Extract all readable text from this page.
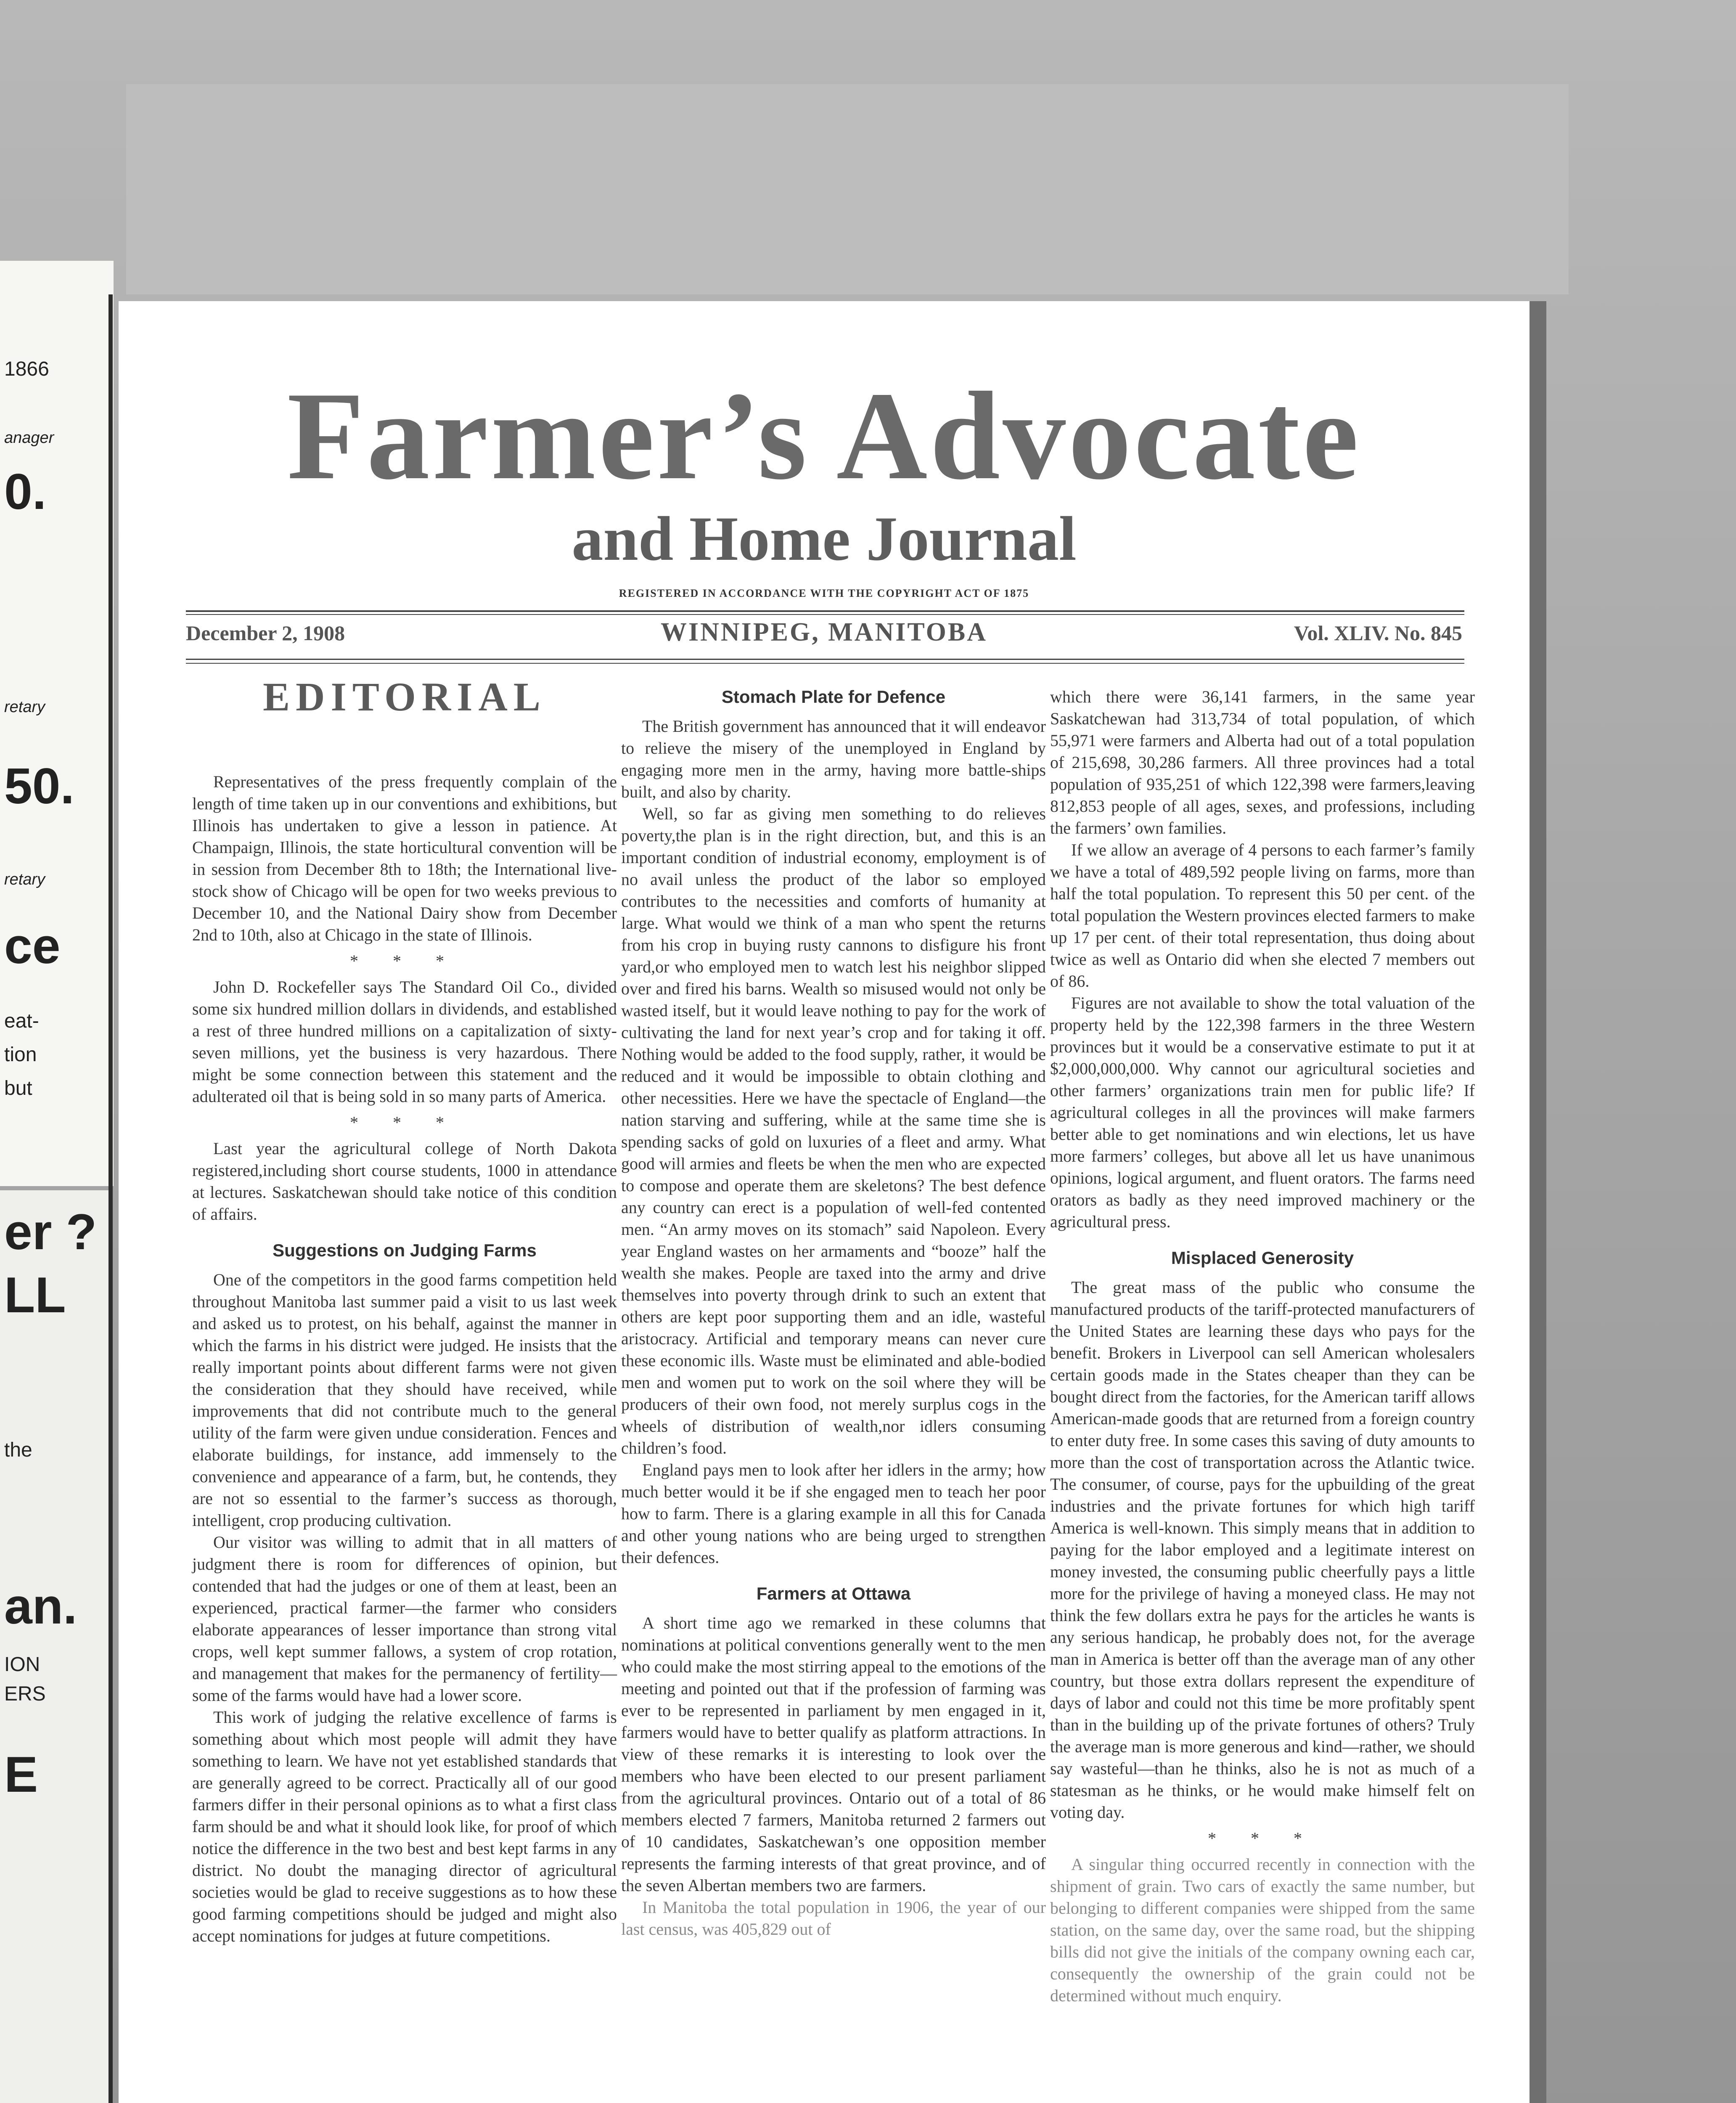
1866
anager
0.
retary
50.
retary
ce
eat-
tion
but
er ?
LL
the
an.
ION
ERS
E
Farmer’s Advocate
and Home Journal
REGISTERED IN ACCORDANCE WITH THE COPYRIGHT ACT OF 1875
December 2, 1908	WINNIPEG, MANITOBA	Vol. XLIV. No. 845
EDITORIAL

Representatives of the press frequently complain of the length of time taken up in our conventions and exhibitions, but Illinois has undertaken to give a lesson in patience. At Champaign, Illinois, the state horticultural convention will be in session from December 8th to 18th; the International live-stock show of Chicago will be open for two weeks previous to December 10, and the National Dairy show from December 2nd to 10th, also at Chicago in the state of Illinois.

* * *

John D. Rockefeller says The Standard Oil Co., divided some six hundred million dollars in dividends, and established a rest of three hundred millions on a capitalization of sixty-seven millions, yet the business is very hazardous. There might be some connection between this statement and the adulterated oil that is being sold in so many parts of America.

* * *

Last year the agricultural college of North Dakota registered,including short course students, 1000 in attendance at lectures. Saskatchewan should take notice of this condition of affairs.

Suggestions on Judging Farms

One of the competitors in the good farms competition held throughout Manitoba last summer paid a visit to us last week and asked us to protest, on his behalf, against the manner in which the farms in his district were judged. He insists that the really important points about different farms were not given the consideration that they should have received, while improvements that did not contribute much to the general utility of the farm were given undue consideration. Fences and elaborate buildings, for instance, add immensely to the convenience and appearance of a farm, but, he contends, they are not so essential to the farmer’s success as thorough, intelligent, crop producing cultivation.

Our visitor was willing to admit that in all matters of judgment there is room for differences of opinion, but contended that had the judges or one of them at least, been an experienced, practical farmer—the farmer who considers elaborate appearances of lesser importance than strong vital crops, well kept summer fallows, a system of crop rotation, and management that makes for the permanency of fertility—some of the farms would have had a lower score.

This work of judging the relative excellence of farms is something about which most people will admit they have something to learn. We have not yet established standards that are generally agreed to be correct. Practically all of our good farmers differ in their personal opinions as to what a first class farm should be and what it should look like, for proof of which notice the difference in the two best and best kept farms in any district. No doubt the managing director of agricultural societies would be glad to receive suggestions as to how these good farming competitions should be judged and might also accept nominations for judges at future competitions.

Stomach Plate for Defence

The British government has announced that it will endeavor to relieve the misery of the unemployed in England by engaging more men in the army, having more battle-ships built, and also by charity.

Well, so far as giving men something to do relieves poverty,the plan is in the right direction, but, and this is an important condition of industrial economy, employment is of no avail unless the product of the labor so employed contributes to the necessities and comforts of humanity at large. What would we think of a man who spent the returns from his crop in buying rusty cannons to disfigure his front yard,or who employed men to watch lest his neighbor slipped over and fired his barns. Wealth so misused would not only be wasted itself, but it would leave nothing to pay for the work of cultivating the land for next year’s crop and for taking it off. Nothing would be added to the food supply, rather, it would be reduced and it would be impossible to obtain clothing and other necessities. Here we have the spectacle of England—the nation starving and suffering, while at the same time she is spending sacks of gold on luxuries of a fleet and army. What good will armies and fleets be when the men who are expected to compose and operate them are skeletons? The best defence any country can erect is a population of well-fed contented men. “An army moves on its stomach” said Napoleon. Every year England wastes on her armaments and “booze” half the wealth she makes. People are taxed into the army and drive themselves into poverty through drink to such an extent that others are kept poor supporting them and an idle, wasteful aristocracy. Artificial and temporary means can never cure these economic ills. Waste must be eliminated and able-bodied men and women put to work on the soil where they will be producers of their own food, not merely surplus cogs in the wheels of distribution of wealth,nor idlers consuming children’s food.

England pays men to look after her idlers in the army; how much better would it be if she engaged men to teach her poor how to farm. There is a glaring example in all this for Canada and other young nations who are being urged to strengthen their defences.

Farmers at Ottawa

A short time ago we remarked in these columns that nominations at political conventions generally went to the men who could make the most stirring appeal to the emotions of the meeting and pointed out that if the profession of farming was ever to be represented in parliament by men engaged in it, farmers would have to better qualify as platform attractions. In view of these remarks it is interesting to look over the members who have been elected to our present parliament from the agricultural provinces. Ontario out of a total of 86 members elected 7 farmers, Manitoba returned 2 farmers out of 10 candidates, Saskatchewan’s one opposition member represents the farming interests of that great province, and of the seven Albertan members two are farmers.

In Manitoba the total population in 1906, the year of our last census, was 405,829 out of

which there were 36,141 farmers, in the same year Saskatchewan had 313,734 of total population, of which 55,971 were farmers and Alberta had out of a total population of 215,698, 30,286 farmers. All three provinces had a total population of 935,251 of which 122,398 were farmers,leaving 812,853 people of all ages, sexes, and professions, including the farmers’ own families.

If we allow an average of 4 persons to each farmer’s family we have a total of 489,592 people living on farms, more than half the total population. To represent this 50 per cent. of the total population the Western provinces elected farmers to make up 17 per cent. of their total representation, thus doing about twice as well as Ontario did when she elected 7 members out of 86.

Figures are not available to show the total valuation of the property held by the 122,398 farmers in the three Western provinces but it would be a conservative estimate to put it at $2,000,000,000. Why cannot our agricultural societies and other farmers’ organizations train men for public life? If agricultural colleges in all the provinces will make farmers better able to get nominations and win elections, let us have more farmers’ colleges, but above all let us have unanimous opinions, logical argument, and fluent orators. The farms need orators as badly as they need improved machinery or the agricultural press.

Misplaced Generosity

The great mass of the public who consume the manufactured products of the tariff-protected manufacturers of the United States are learning these days who pays for the benefit. Brokers in Liverpool can sell American wholesalers certain goods made in the States cheaper than they can be bought direct from the factories, for the American tariff allows American-made goods that are returned from a foreign country to enter duty free. In some cases this saving of duty amounts to more than the cost of transportation across the Atlantic twice. The consumer, of course, pays for the upbuilding of the great industries and the private fortunes for which high tariff America is well-known. This simply means that in addition to paying for the labor employed and a legitimate interest on money invested, the consuming public cheerfully pays a little more for the privilege of having a moneyed class. He may not think the few dollars extra he pays for the articles he wants is any serious handicap, he probably does not, for the average man in America is better off than the average man of any other country, but those extra dollars represent the expenditure of days of labor and could not this time be more profitably spent than in the building up of the private fortunes of others? Truly the average man is more generous and kind—rather, we should say wasteful—than he thinks, also he is not as much of a statesman as he thinks, or he would make himself felt on voting day.

* * *

A singular thing occurred recently in connection with the shipment of grain. Two cars of exactly the same number, but belonging to different companies were shipped from the same station, on the same day, over the same road, but the shipping bills did not give the initials of the company owning each car, consequently the ownership of the grain could not be determined without much enquiry.
